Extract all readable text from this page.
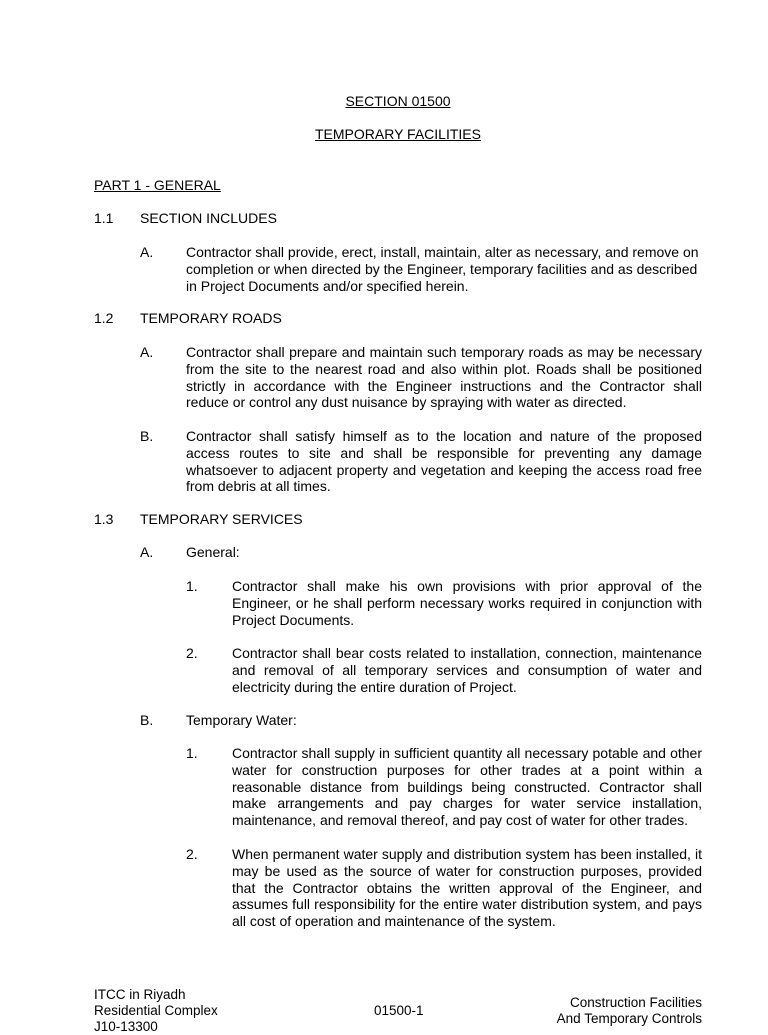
SECTION 01500
TEMPORARY FACILITIES
PART 1 - GENERAL
1.1 SECTION INCLUDES
A. Contractor shall provide, erect, install, maintain, alter as necessary, and remove on completion or when directed by the Engineer, temporary facilities and as described in Project Documents and/or specified herein.
1.2 TEMPORARY ROADS
A. Contractor shall prepare and maintain such temporary roads as may be necessary from the site to the nearest road and also within plot. Roads shall be positioned strictly in accordance with the Engineer instructions and the Contractor shall reduce or control any dust nuisance by spraying with water as directed.
B. Contractor shall satisfy himself as to the location and nature of the proposed access routes to site and shall be responsible for preventing any damage whatsoever to adjacent property and vegetation and keeping the access road free from debris at all times.
1.3 TEMPORARY SERVICES
A. General:
1. Contractor shall make his own provisions with prior approval of the Engineer, or he shall perform necessary works required in conjunction with Project Documents.
2. Contractor shall bear costs related to installation, connection, maintenance and removal of all temporary services and consumption of water and electricity during the entire duration of Project.
B. Temporary Water:
1. Contractor shall supply in sufficient quantity all necessary potable and other water for construction purposes for other trades at a point within a reasonable distance from buildings being constructed. Contractor shall make arrangements and pay charges for water service installation, maintenance, and removal thereof, and pay cost of water for other trades.
2. When permanent water supply and distribution system has been installed, it may be used as the source of water for construction purposes, provided that the Contractor obtains the written approval of the Engineer, and assumes full responsibility for the entire water distribution system, and pays all cost of operation and maintenance of the system.
ITCC in Riyadh
Residential Complex
J10-13300
01500-1
Construction Facilities
And Temporary Controls
